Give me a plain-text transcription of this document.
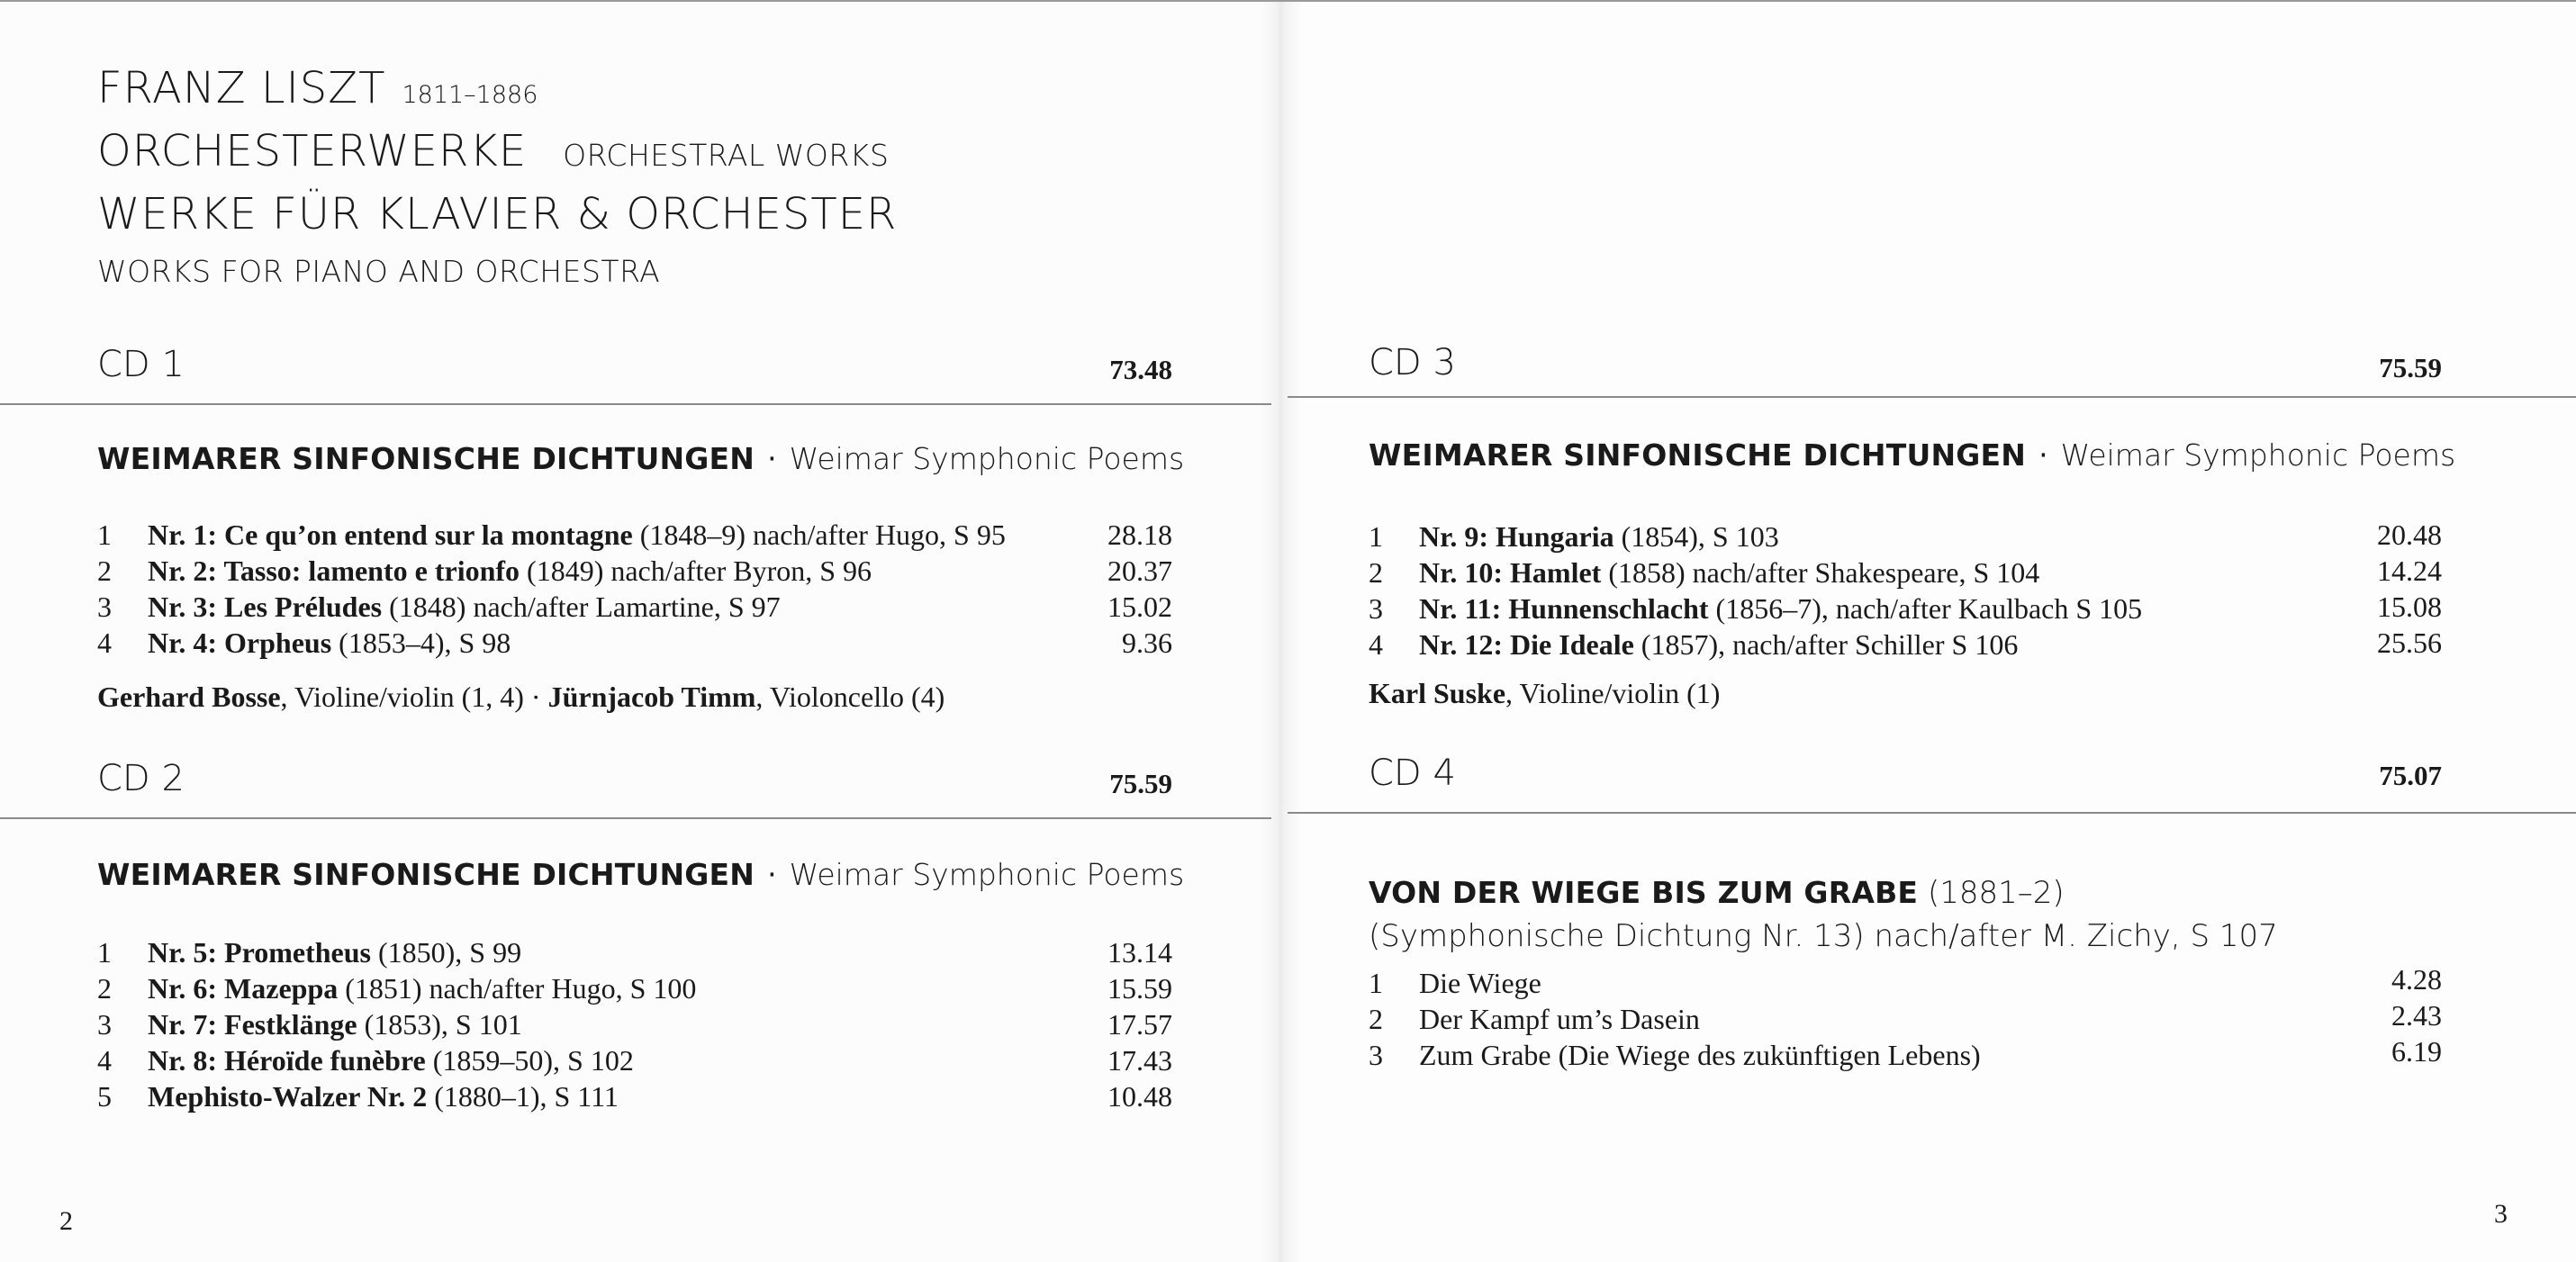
FRANZ LISZT 1811–1886
ORCHESTERWERKE ORCHESTRAL WORKS
WERKE FÜR KLAVIER & ORCHESTER
WORKS FOR PIANO AND ORCHESTRA
CD 1	73.48
WEIMARER SINFONISCHE DICHTUNGEN · Weimar Symphonic Poems
1 Nr. 1: Ce qu’on entend sur la montagne (1848–9) nach/after Hugo, S 95	28.18
2 Nr. 2: Tasso: lamento e trionfo (1849) nach/after Byron, S 96	20.37
3 Nr. 3: Les Préludes (1848) nach/after Lamartine, S 97	15.02
4 Nr. 4: Orpheus (1853–4), S 98	9.36
Gerhard Bosse, Violine/violin (1, 4) · Jürnjacob Timm, Violoncello (4)
CD 2	75.59
WEIMARER SINFONISCHE DICHTUNGEN · Weimar Symphonic Poems
1 Nr. 5: Prometheus (1850), S 99	13.14
2 Nr. 6: Mazeppa (1851) nach/after Hugo, S 100	15.59
3 Nr. 7: Festklänge (1853), S 101	17.57
4 Nr. 8: Héroïde funèbre (1859–50), S 102	17.43
5 Mephisto-Walzer Nr. 2 (1880–1), S 111	10.48
2
CD 3	75.59
WEIMARER SINFONISCHE DICHTUNGEN · Weimar Symphonic Poems
1 Nr. 9: Hungaria (1854), S 103	20.48
2 Nr. 10: Hamlet (1858) nach/after Shakespeare, S 104	14.24
3 Nr. 11: Hunnenschlacht (1856–7), nach/after Kaulbach S 105	15.08
4 Nr. 12: Die Ideale (1857), nach/after Schiller S 106	25.56
Karl Suske, Violine/violin (1)
CD 4	75.07
VON DER WIEGE BIS ZUM GRABE (1881–2)
(Symphonische Dichtung Nr. 13) nach/after M. Zichy, S 107
1 Die Wiege	4.28
2 Der Kampf um’s Dasein	2.43
3 Zum Grabe (Die Wiege des zukünftigen Lebens)	6.19
3
